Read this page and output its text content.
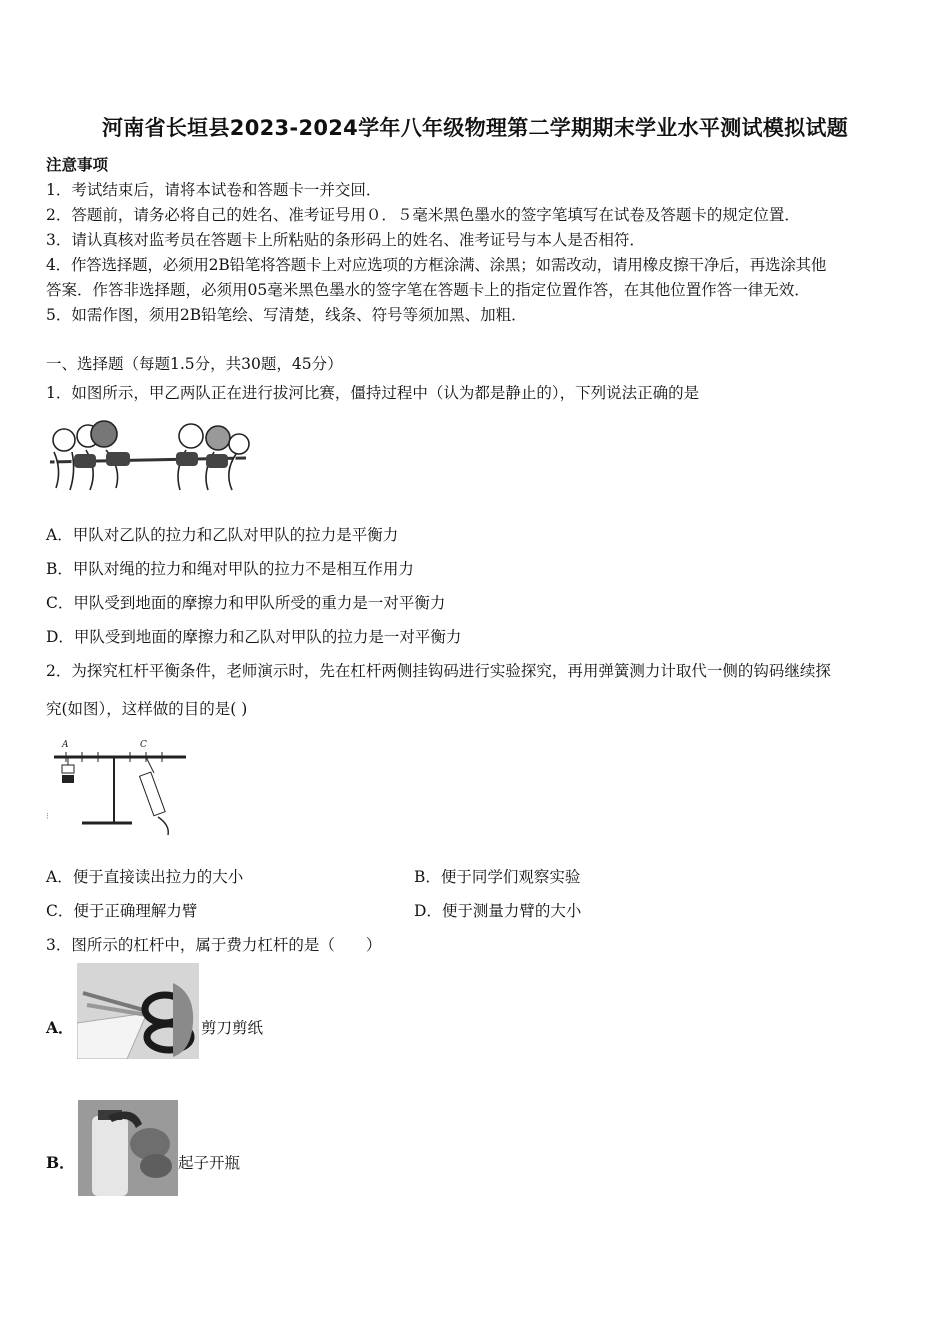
河南省长垣县2023-2024学年八年级物理第二学期期末学业水平测试模拟试题
注意事项
1．考试结束后，请将本试卷和答题卡一并交回．
2．答题前，请务必将自己的姓名、准考证号用０．５毫米黑色墨水的签字笔填写在试卷及答题卡的规定位置．
3．请认真核对监考员在答题卡上所粘贴的条形码上的姓名、准考证号与本人是否相符．
4．作答选择题，必须用2B铅笔将答题卡上对应选项的方框涂满、涂黑；如需改动，请用橡皮擦干净后，再选涂其他
答案．作答非选择题，必须用05毫米黑色墨水的签字笔在答题卡上的指定位置作答，在其他位置作答一律无效．
5．如需作图，须用2B铅笔绘、写清楚，线条、符号等须加黑、加粗．
一、选择题（每题1.5分，共30题，45分）
1．如图所示，甲乙两队正在进行拔河比赛，僵持过程中（认为都是静止的），下列说法正确的是
A．甲队对乙队的拉力和乙队对甲队的拉力是平衡力
B．甲队对绳的拉力和绳对甲队的拉力不是相互作用力
C．甲队受到地面的摩擦力和甲队所受的重力是一对平衡力
D．甲队受到地面的摩擦力和乙队对甲队的拉力是一对平衡力
2．为探究杠杆平衡条件，老师演示时，先在杠杆两侧挂钩码进行实验探究，再用弹簧测力计取代一侧的钩码继续探
究(如图），这样做的目的是( )
A	C
⁝
A．便于直接读出拉力的大小	B．便于同学们观察实验
C．便于正确理解力臂	D．便于测量力臂的大小
3．图所示的杠杆中，属于费力杠杆的是（　　）
A．	剪刀剪纸
B．	起子开瓶
